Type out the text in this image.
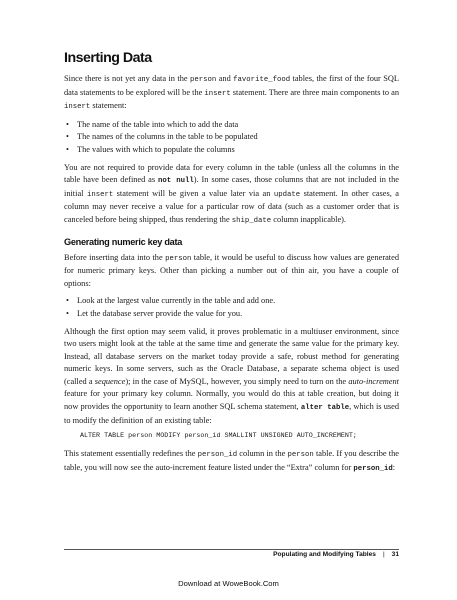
Inserting Data

Since there is not yet any data in the person and favorite_food tables, the first of the four SQL data statements to be explored will be the insert statement. There are three main components to an insert statement:

• The name of the table into which to add the data
• The names of the columns in the table to be populated
• The values with which to populate the columns

You are not required to provide data for every column in the table (unless all the columns in the table have been defined as not null). In some cases, those columns that are not included in the initial insert statement will be given a value later via an update statement. In other cases, a column may never receive a value for a particular row of data (such as a customer order that is canceled before being shipped, thus rendering the ship_date column inapplicable).

Generating numeric key data

Before inserting data into the person table, it would be useful to discuss how values are generated for numeric primary keys. Other than picking a number out of thin air, you have a couple of options:

• Look at the largest value currently in the table and add one.
• Let the database server provide the value for you.

Although the first option may seem valid, it proves problematic in a multiuser environment, since two users might look at the table at the same time and generate the same value for the primary key. Instead, all database servers on the market today provide a safe, robust method for generating numeric keys. In some servers, such as the Oracle Database, a separate schema object is used (called a sequence); in the case of MySQL, however, you simply need to turn on the auto-increment feature for your primary key column. Normally, you would do this at table creation, but doing it now provides the opportunity to learn another SQL schema statement, alter table, which is used to modify the definition of an existing table:

ALTER TABLE person MODIFY person_id SMALLINT UNSIGNED AUTO_INCREMENT;

This statement essentially redefines the person_id column in the person table. If you describe the table, you will now see the auto-increment feature listed under the “Extra” column for person_id:

Populating and Modifying Tables | 31
Download at WoweBook.Com
